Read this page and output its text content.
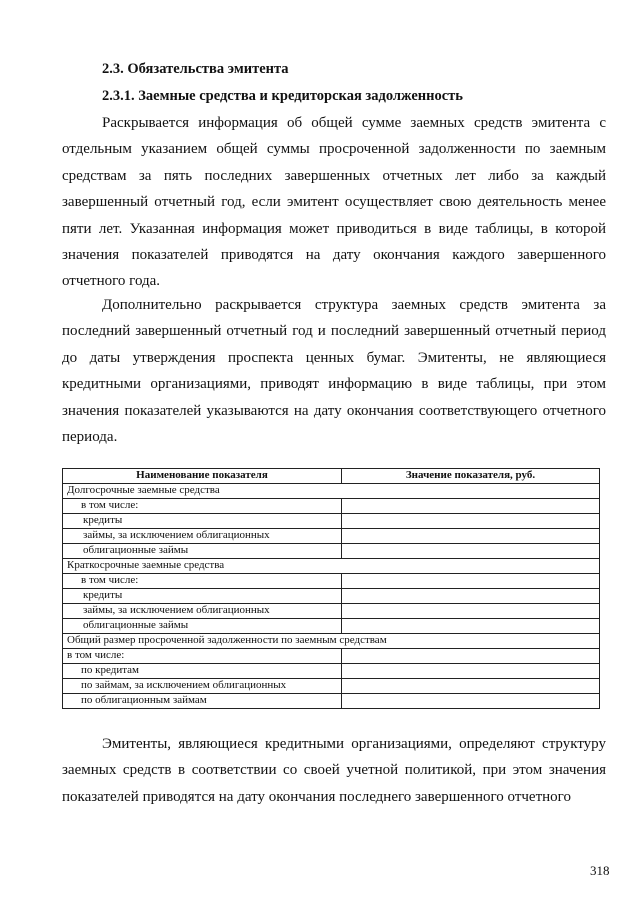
2.3. Обязательства эмитента

2.3.1. Заемные средства и кредиторская задолженность

Раскрывается информация об общей сумме заемных средств эмитента с отдельным указанием общей суммы просроченной задолженности по заемным средствам за пять последних завершенных отчетных лет либо за каждый завершенный отчетный год, если эмитент осуществляет свою деятельность менее пяти лет. Указанная информация может приводиться в виде таблицы, в которой значения показателей приводятся на дату окончания каждого завершенного отчетного года.

Дополнительно раскрывается структура заемных средств эмитента за последний завершенный отчетный год и последний завершенный отчетный период до даты утверждения проспекта ценных бумаг. Эмитенты, не являющиеся кредитными организациями, приводят информацию в виде таблицы, при этом значения показателей указываются на дату окончания соответствующего отчетного периода.

Наименование показателя	Значение показателя, руб.
Долгосрочные заемные средства	
в том числе:	
кредиты	
займы, за исключением облигационных	
облигационные займы	
Краткосрочные заемные средства	
в том числе:	
кредиты	
займы, за исключением облигационных	
облигационные займы	
Общий размер просроченной задолженности по заемным средствам	
в том числе:	
по кредитам	
по займам, за исключением облигационных	
по облигационным займам	

Эмитенты, являющиеся кредитными организациями, определяют структуру заемных средств в соответствии со своей учетной политикой, при этом значения показателей приводятся на дату окончания последнего завершенного отчетного

318
